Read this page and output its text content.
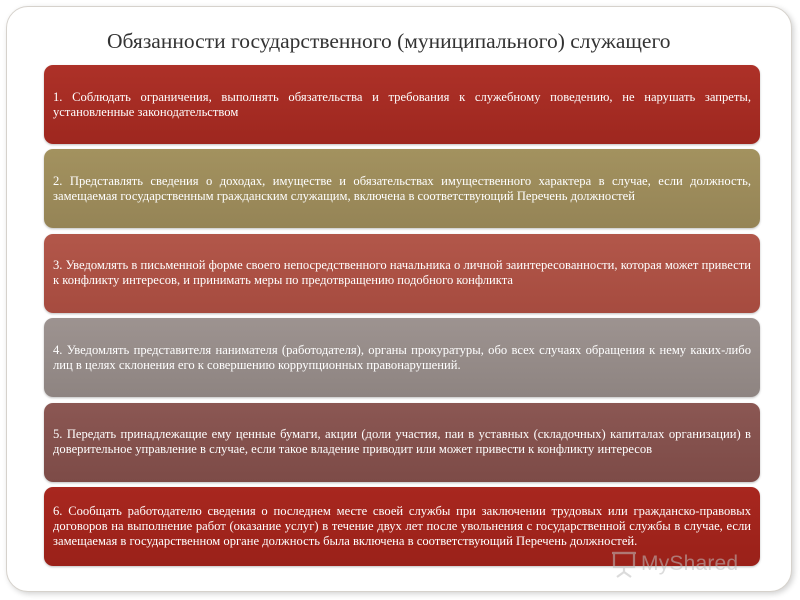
Обязанности государственного (муниципального) служащего
1. Соблюдать ограничения, выполнять обязательства и требования к служебному поведению, не нарушать запреты, установленные законодательством
2. Представлять сведения о доходах, имуществе и обязательствах имущественного характера в случае, если должность, замещаемая государственным гражданским служащим, включена в соответствующий Перечень должностей
3. Уведомлять в письменной форме своего непосредственного начальника о личной заинтересованности, которая может привести к конфликту интересов, и принимать меры по предотвращению подобного конфликта
4. Уведомлять представителя нанимателя (работодателя), органы прокуратуры, обо всех случаях обращения к нему каких-либо лиц в целях склонения его к совершению коррупционных правонарушений.
5. Передать принадлежащие ему ценные бумаги, акции (доли участия, паи в уставных (складочных) капиталах организации) в доверительное управление в случае, если такое владение приводит или может привести к конфликту интересов
6. Сообщать работодателю сведения о последнем месте своей службы при заключении трудовых или гражданско-правовых договоров на выполнение работ (оказание услуг) в течение двух лет после увольнения с государственной службы в случае, если замещаемая в государственном органе должность была включена в соответствующий Перечень должностей.
MyShared
